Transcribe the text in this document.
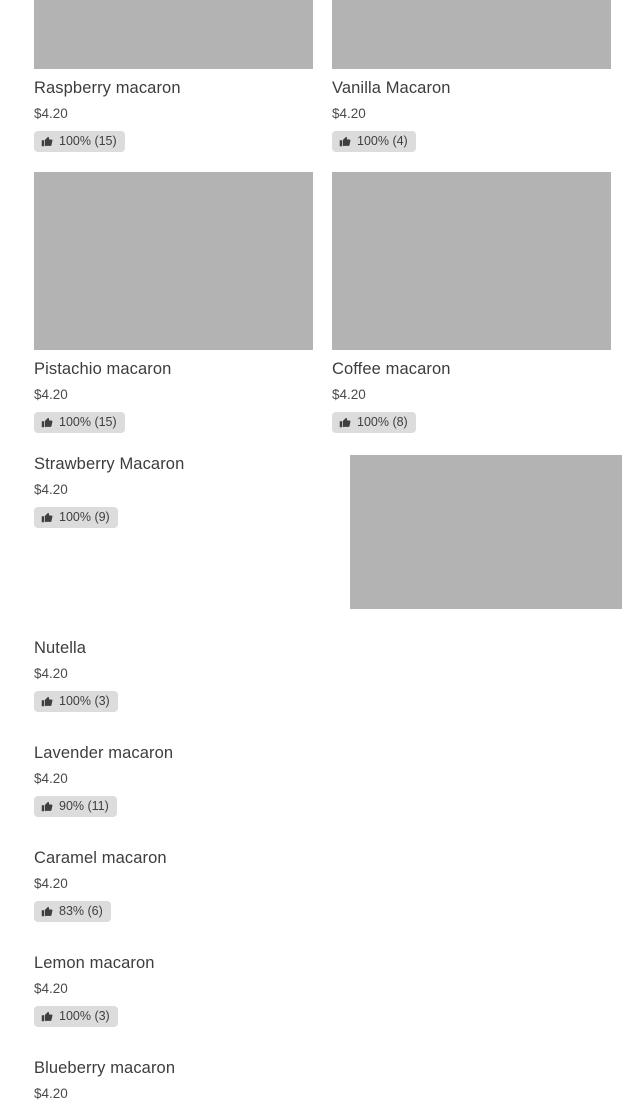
Raspberry macaron
$4.20
100% (15)
Vanilla Macaron
$4.20
100% (4)
Pistachio macaron
$4.20
100% (15)
Coffee macaron
$4.20
100% (8)
Strawberry Macaron
$4.20
100% (9)
Nutella
$4.20
100% (3)
Lavender macaron
$4.20
90% (11)
Caramel macaron
$4.20
83% (6)
Lemon macaron
$4.20
100% (3)
Blueberry macaron
$4.20
